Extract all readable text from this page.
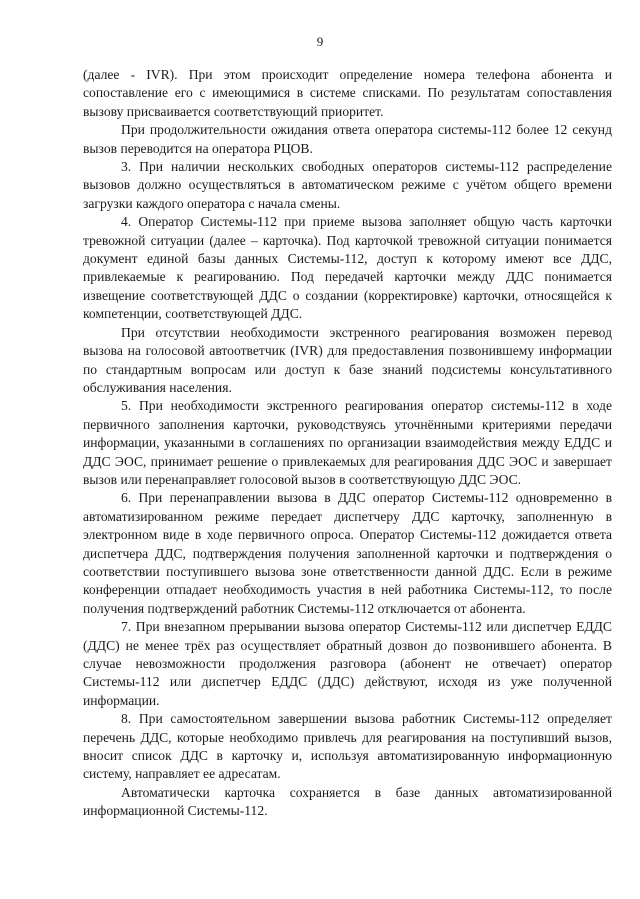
9

(далее - IVR). При этом происходит определение номера телефона абонента и сопоставление его с имеющимися в системе списками. По результатам сопоставления вызову присваивается соответствующий приоритет.

При продолжительности ожидания ответа оператора системы-112 более 12 секунд вызов переводится на оператора РЦОВ.

3. При наличии нескольких свободных операторов системы-112 распределение вызовов должно осуществляться в автоматическом режиме с учётом общего времени загрузки каждого оператора с начала смены.

4. Оператор Системы-112 при приеме вызова заполняет общую часть карточки тревожной ситуации (далее – карточка). Под карточкой тревожной ситуации понимается документ единой базы данных Системы-112, доступ к которому имеют все ДДС, привлекаемые к реагированию. Под передачей карточки между ДДС понимается извещение соответствующей ДДС о создании (корректировке) карточки, относящейся к компетенции, соответствующей ДДС.

При отсутствии необходимости экстренного реагирования возможен перевод вызова на голосовой автоответчик (IVR) для предоставления позвонившему информации по стандартным вопросам или доступ к базе знаний подсистемы консультативного обслуживания населения.

5. При необходимости экстренного реагирования оператор системы-112 в ходе первичного заполнения карточки, руководствуясь уточнёнными критериями передачи информации, указанными в соглашениях по организации взаимодействия между ЕДДС и ДДС ЭОС, принимает решение о привлекаемых для реагирования ДДС ЭОС и завершает вызов или перенаправляет голосовой вызов в соответствующую ДДС ЭОС.

6. При перенаправлении вызова в ДДС оператор Системы-112 одновременно в автоматизированном режиме передает диспетчеру ДДС карточку, заполненную в электронном виде в ходе первичного опроса. Оператор Системы-112 дожидается ответа диспетчера ДДС, подтверждения получения заполненной карточки и подтверждения о соответствии поступившего вызова зоне ответственности данной ДДС. Если в режиме конференции отпадает необходимость участия в ней работника Системы-112, то после получения подтверждений работник Системы-112 отключается от абонента.

7. При внезапном прерывании вызова оператор Системы-112 или диспетчер ЕДДС (ДДС) не менее трёх раз осуществляет обратный дозвон до позвонившего абонента. В случае невозможности продолжения разговора (абонент не отвечает) оператор Системы-112 или диспетчер ЕДДС (ДДС) действуют, исходя из уже полученной информации.

8. При самостоятельном завершении вызова работник Системы-112 определяет перечень ДДС, которые необходимо привлечь для реагирования на поступивший вызов, вносит список ДДС в карточку и, используя автоматизированную информационную систему, направляет ее адресатам.

Автоматически карточка сохраняется в базе данных автоматизированной информационной Системы-112.
